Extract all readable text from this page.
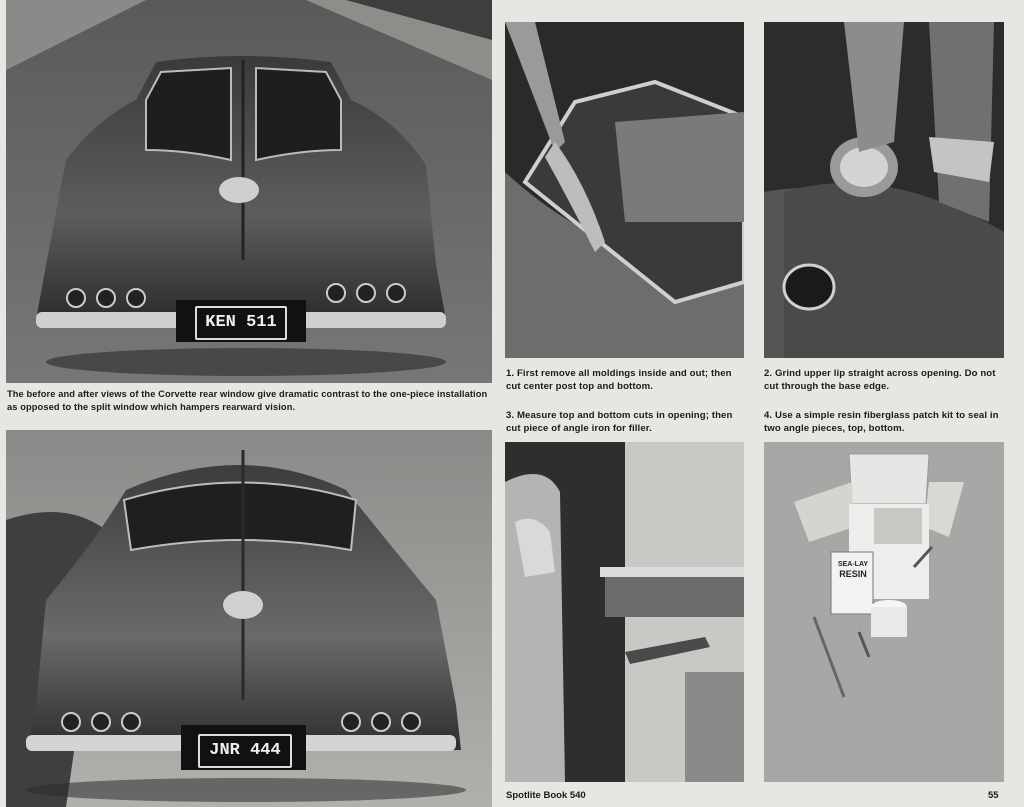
KEN 511
The before and after views of the Corvette rear window give dramatic contrast to the one-piece installation as opposed to the split window which hampers rearward vision.
JNR 444
1. First remove all moldings inside and out; then cut center post top and bottom.
2. Grind upper lip straight across opening. Do not cut through the base edge.
3. Measure top and bottom cuts in opening; then cut piece of angle iron for filler.
4. Use a simple resin fiberglass patch kit to seal in two angle pieces, top, bottom.
SEA-LAY
RESIN
Spotlite Book 540	55
